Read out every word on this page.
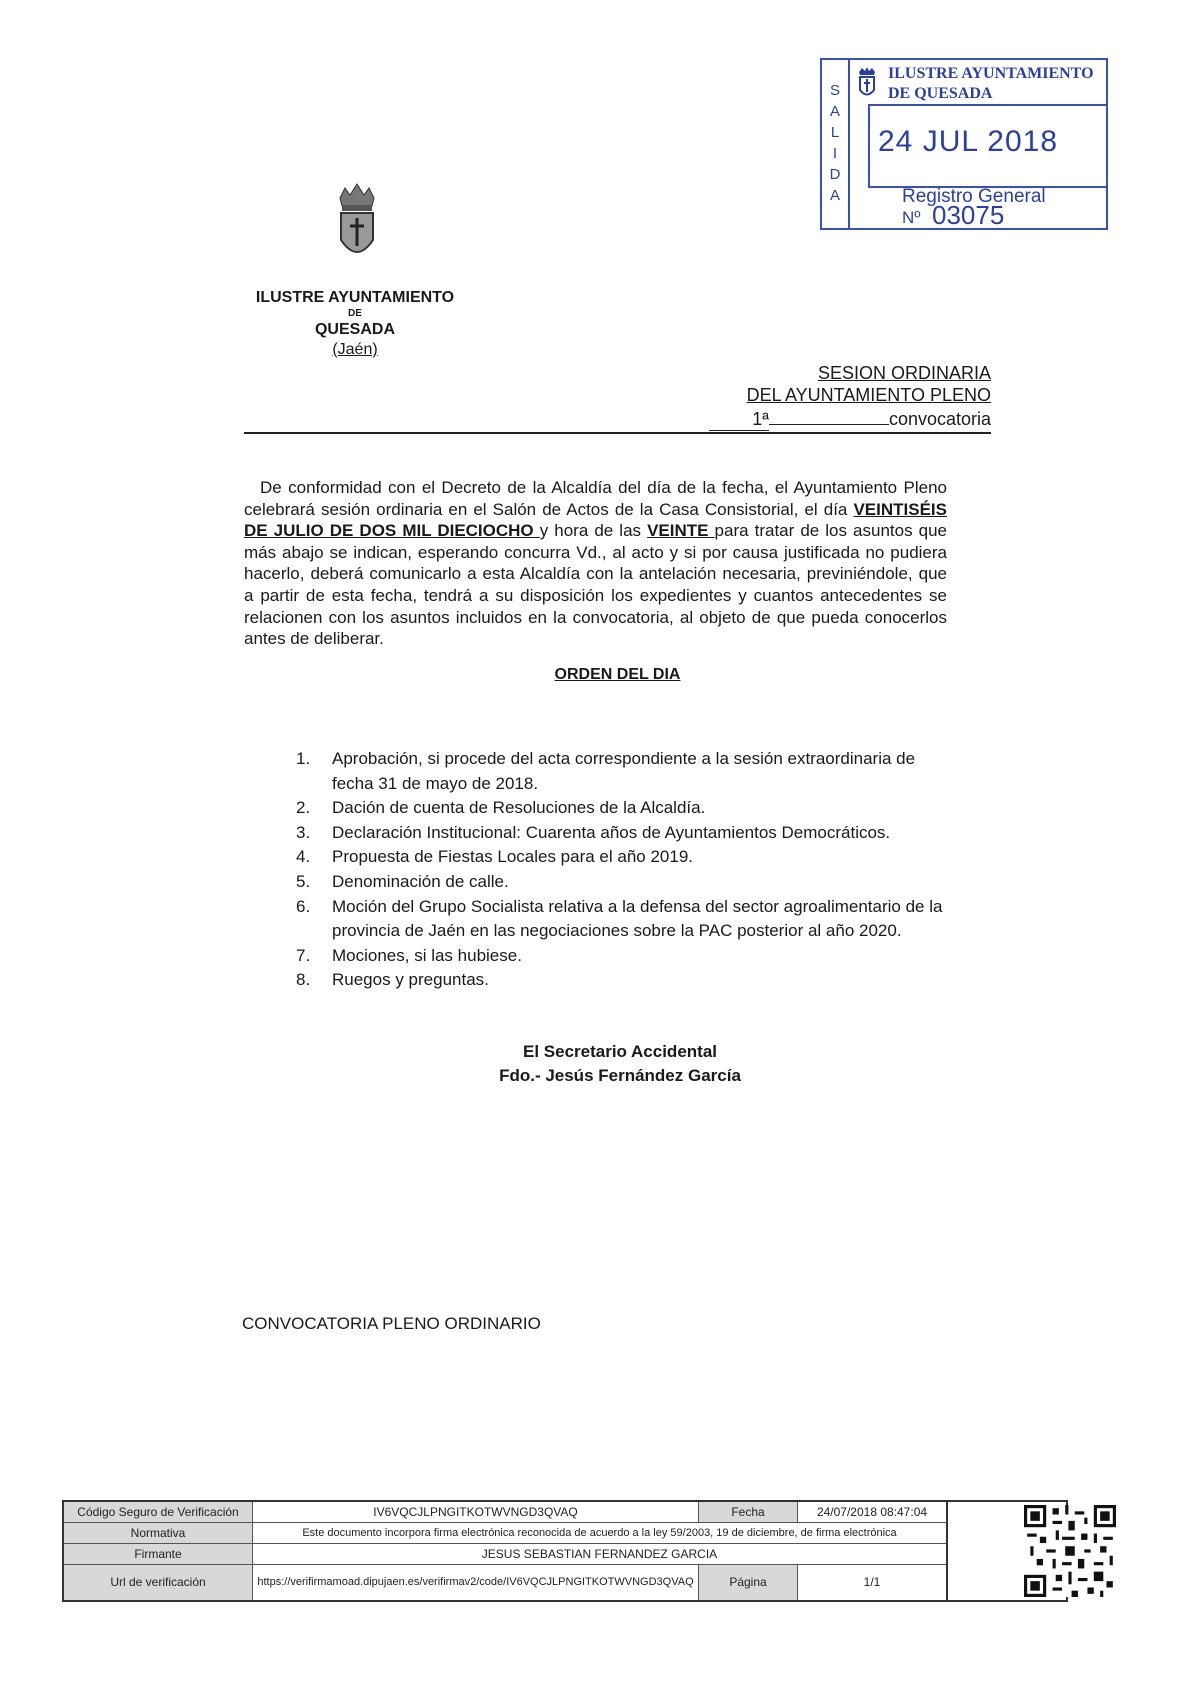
S
A
L
I
D
A
ILUSTRE AYUNTAMIENTO
DE QUESADA
24 JUL 2018
Registro General
Nº 03075
ILUSTRE AYUNTAMIENTO
DE
QUESADA
(Jaén)
SESION ORDINARIA
DEL AYUNTAMIENTO PLENO
1ª	convocatoria
De conformidad con el Decreto de la Alcaldía del día de la fecha, el Ayuntamiento Pleno celebrará sesión ordinaria en el Salón de Actos de la Casa Consistorial, el día VEINTISÉIS DE JULIO DE DOS MIL DIECIOCHO y hora de las VEINTE para tratar de los asuntos que más abajo se indican, esperando concurra Vd., al acto y si por causa justificada no pudiera hacerlo, deberá comunicarlo a esta Alcaldía con la antelación necesaria, previniéndole, que a partir de esta fecha, tendrá a su disposición los expedientes y cuantos antecedentes se relacionen con los asuntos incluidos en la convocatoria, al objeto de que pueda conocerlos antes de deliberar.
ORDEN DEL DIA
1.	Aprobación, si procede del acta correspondiente a la sesión extraordinaria de fecha 31 de mayo de 2018.
2.	Dación de cuenta de Resoluciones de la Alcaldía.
3.	Declaración Institucional: Cuarenta años de Ayuntamientos Democráticos.
4.	Propuesta de Fiestas Locales para el año 2019.
5.	Denominación de calle.
6.	Moción del Grupo Socialista relativa a la defensa del sector agroalimentario de la provincia de Jaén en las negociaciones sobre la PAC posterior al año 2020.
7.	Mociones, si las hubiese.
8.	Ruegos y preguntas.
El Secretario Accidental
Fdo.- Jesús Fernández García
CONVOCATORIA PLENO ORDINARIO
Código Seguro de Verificación	IV6VQCJLPNGITKOTWVNGD3QVAQ	Fecha	24/07/2018 08:47:04	
Normativa	Este documento incorpora firma electrónica reconocida de acuerdo a la ley 59/2003, 19 de diciembre, de firma electrónica			
Firmante	JESUS SEBASTIAN FERNANDEZ GARCIA			
Url de verificación	https://verifirmamoad.dipujaen.es/verifirmav2/code/IV6VQCJLPNGITKOTWVNGD3QVAQ	Página	1/1	
